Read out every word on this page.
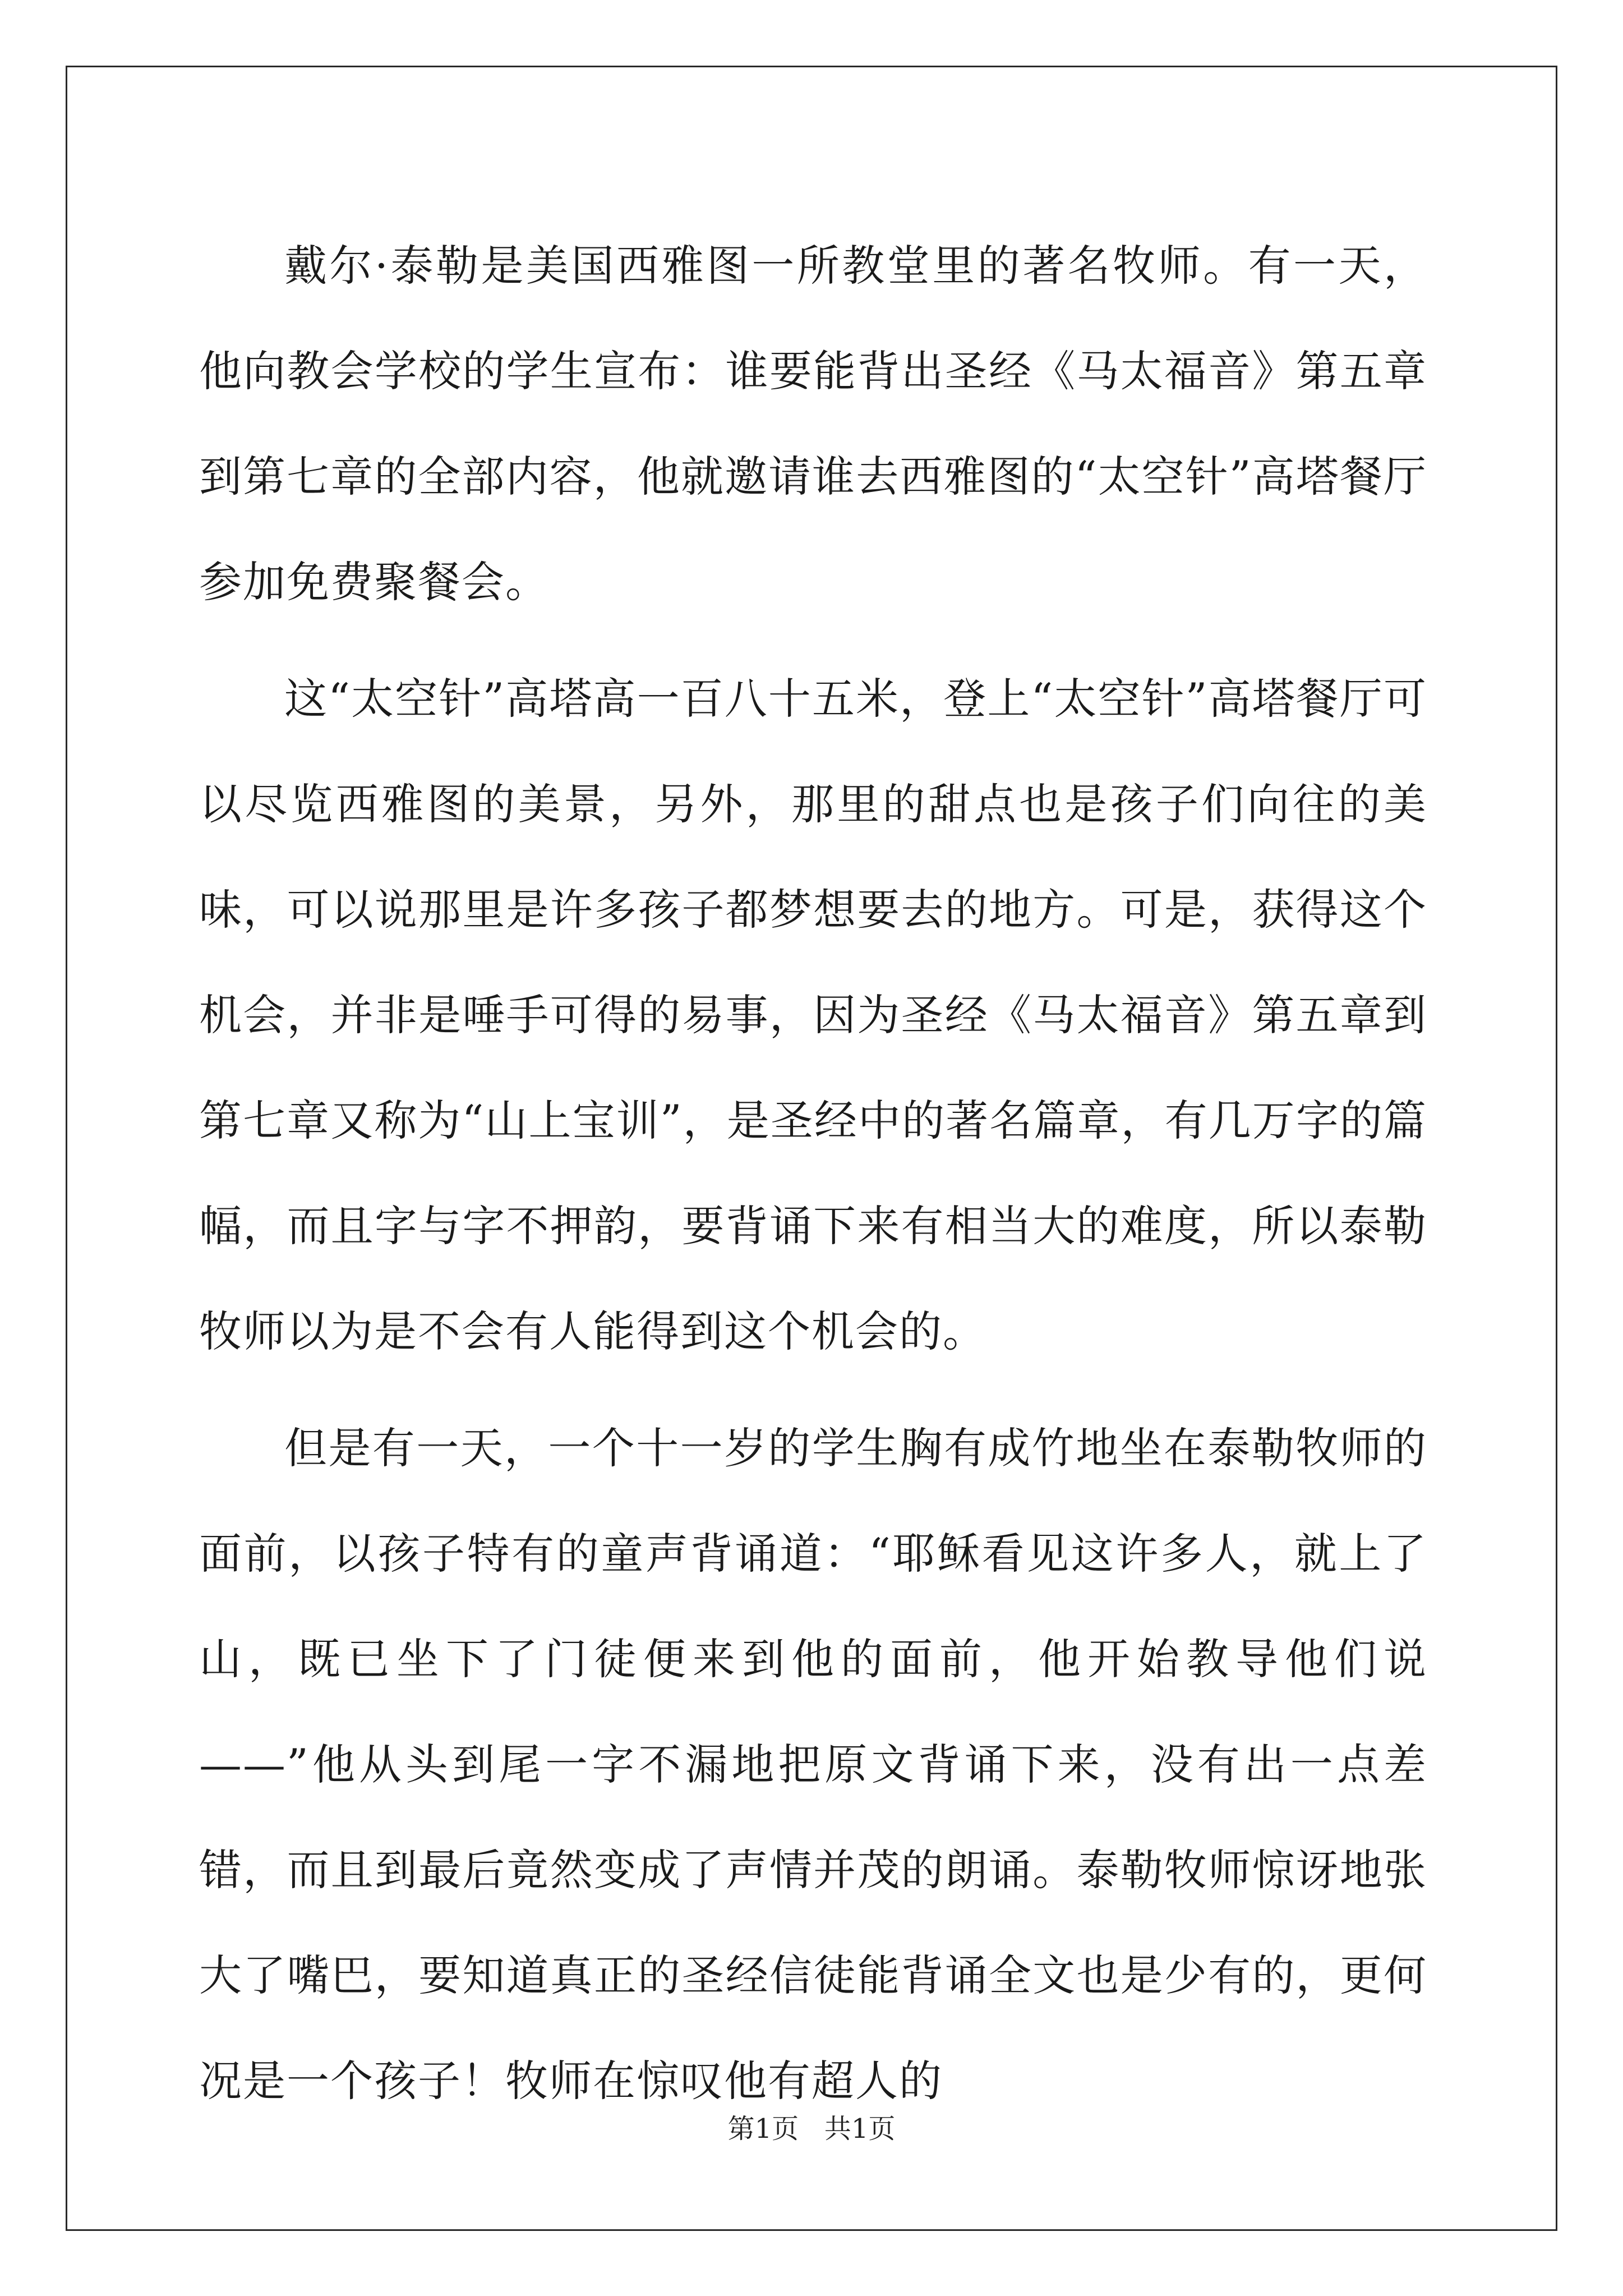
戴尔·泰勒是美国西雅图一所教堂里的著名牧师。有一天，他向教会学校的学生宣布：谁要能背出圣经《马太福音》第五章到第七章的全部内容，他就邀请谁去西雅图的“太空针”高塔餐厅参加免费聚餐会。

这“太空针”高塔高一百八十五米，登上“太空针”高塔餐厅可以尽览西雅图的美景，另外，那里的甜点也是孩子们向往的美味，可以说那里是许多孩子都梦想要去的地方。可是，获得这个机会，并非是唾手可得的易事，因为圣经《马太福音》第五章到第七章又称为“山上宝训”，是圣经中的著名篇章，有几万字的篇幅，而且字与字不押韵，要背诵下来有相当大的难度，所以泰勒牧师以为是不会有人能得到这个机会的。

但是有一天，一个十一岁的学生胸有成竹地坐在泰勒牧师的面前，以孩子特有的童声背诵道：“耶稣看见这许多人，就上了山，既已坐下了门徒便来到他的面前，他开始教导他们说——”他从头到尾一字不漏地把原文背诵下来，没有出一点差错，而且到最后竟然变成了声情并茂的朗诵。泰勒牧师惊讶地张大了嘴巴，要知道真正的圣经信徒能背诵全文也是少有的，更何况是一个孩子！牧师在惊叹他有超人的

第1页   共1页
